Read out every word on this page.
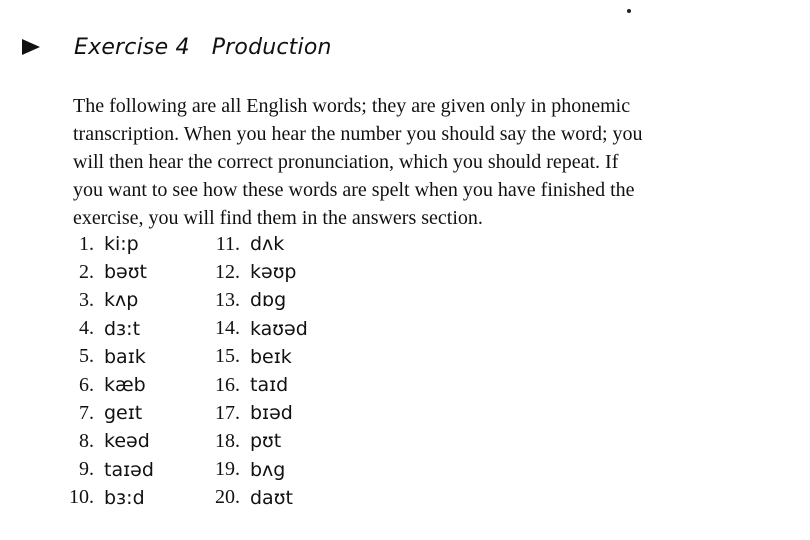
Exercise 4 Production
The following are all English words; they are given only in phonemic
transcription. When you hear the number you should say the word; you
will then hear the correct pronunciation, which you should repeat. If
you want to see how these words are spelt when you have finished the
exercise, you will find them in the answers section.
1. ki:p	11. dʌk
2. bəʊt	12. kəʊp
3. kʌp	13. dɒg
4. dɜ:t	14. kaʊəd
5. baɪk	15. beɪk
6. kæb	16. taɪd
7. geɪt	17. bɪəd
8. keəd	18. pʊt
9. taɪəd	19. bʌg
10. bɜ:d	20. daʊt
